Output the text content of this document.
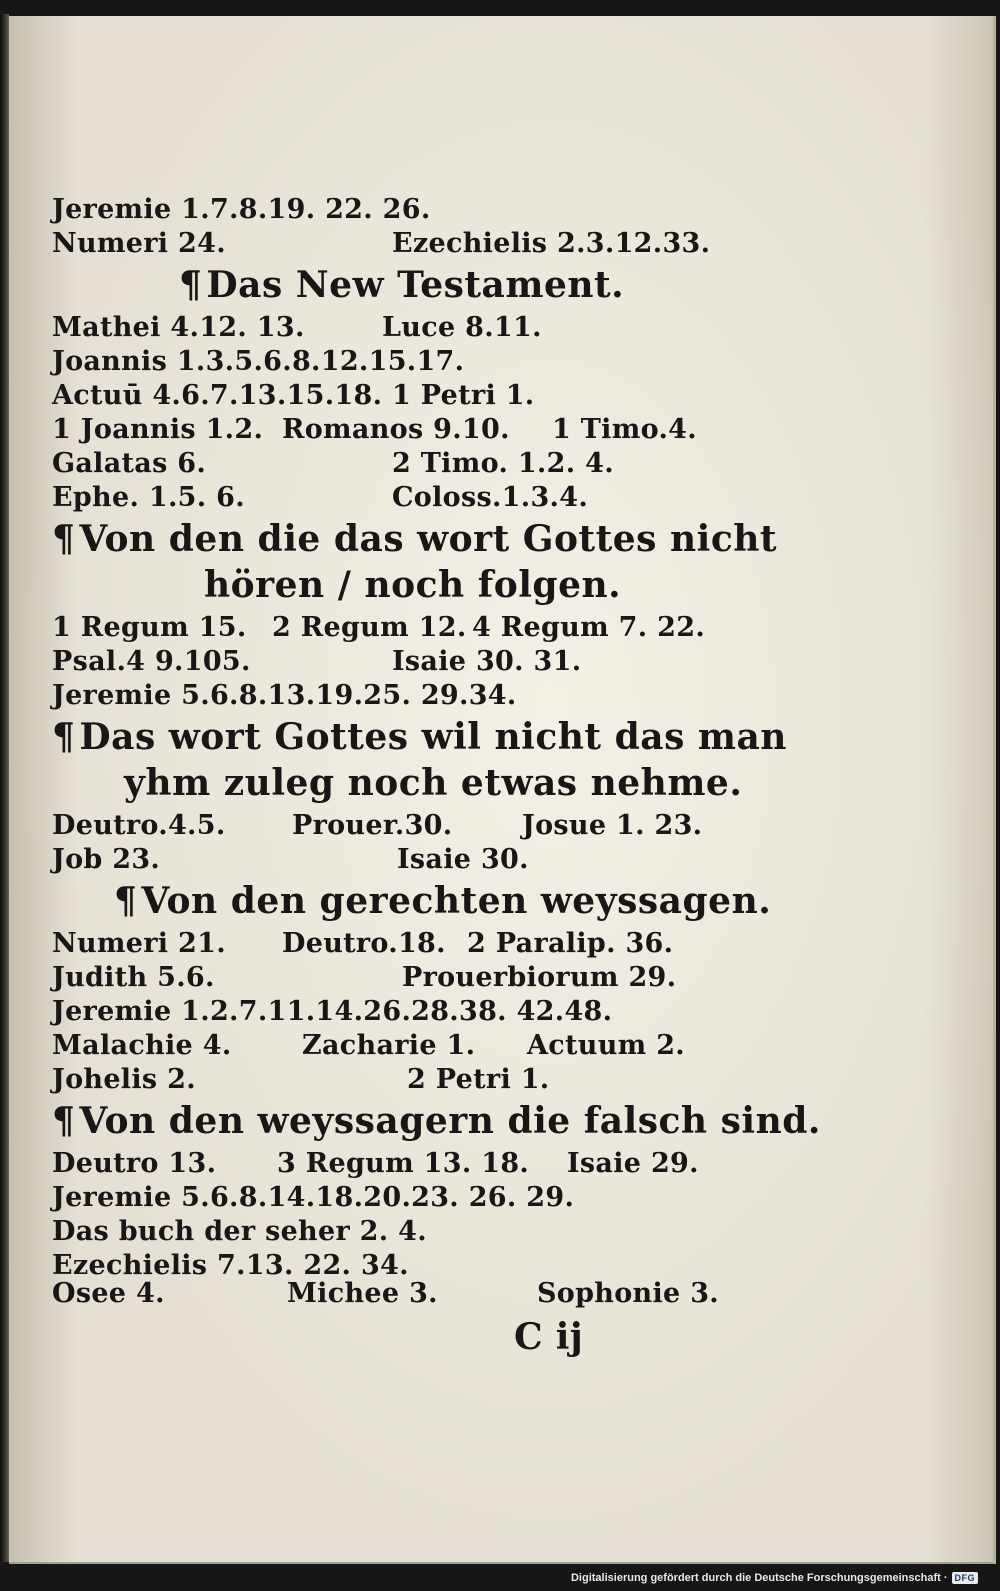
Jeremie 1.7.8.19. 22. 26.
Numeri 24.	Ezechielis 2.3.12.33.
¶ Das New Testament.
Mathei 4.12. 13.	Luce 8.11.
Joannis 1.3.5.6.8.12.15.17.
Actuū 4.6.7.13.15.18. 1 Petri 1.
1 Joannis 1.2. Romanos 9.10. 1 Timo.4.
Galatas 6.	2 Timo. 1.2. 4.
Ephe. 1.5. 6.	Coloss.1.3.4.
¶ Von den die das wort Gottes nicht
hören / noch folgen.
1 Regum 15. 2 Regum 12. 4 Regum 7. 22.
Psal.4 9.105.	Isaie 30. 31.
Jeremie 5.6.8.13.19.25. 29.34.
¶ Das wort Gottes wil nicht das man
yhm zuleg noch etwas nehme.
Deutro.4.5. Prouer.30.	Josue 1. 23.
Job 23.	Isaie 30.
¶ Von den gerechten weyssagen.
Numeri 21. Deutro.18. 2 Paralip. 36.
Judith 5.6.	Prouerbiorum 29.
Jeremie 1.2.7.11.14.26.28.38. 42.48.
Malachie 4.	Zacharie 1. Actuum 2.
Johelis 2.	2 Petri 1.
¶ Von den weyssagern die falsch sind.
Deutro 13. 3 Regum 13. 18. Isaie 29.
Jeremie 5.6.8.14.18.20.23. 26. 29.
Das buch der seher 2. 4.
Ezechielis 7.13. 22. 34.
Osee 4.	Michee 3.	Sophonie 3.
C ij
Digitalisierung gefördert durch die Deutsche Forschungsgemeinschaft · DFG
